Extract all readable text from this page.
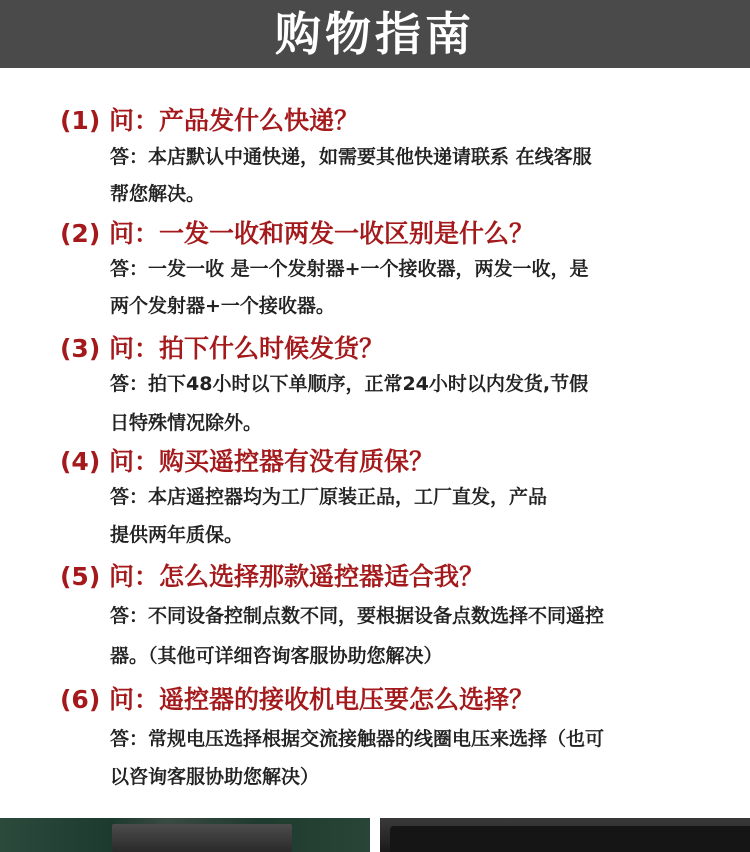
购物指南
(1) 问：产品发什么快递？
答：本店默认中通快递，如需要其他快递请联系 在线客服
帮您解决。
(2) 问：一发一收和两发一收区别是什么？
答：一发一收 是一个发射器+一个接收器，两发一收，是
两个发射器+一个接收器。
(3) 问：拍下什么时候发货？
答：拍下48小时以下单顺序，正常24小时以内发货,节假
日特殊情况除外。
(4) 问：购买遥控器有没有质保？
答：本店遥控器均为工厂原装正品，工厂直发，产品
提供两年质保。
(5) 问：怎么选择那款遥控器适合我？
答：不同设备控制点数不同，要根据设备点数选择不同遥控
器。（其他可详细咨询客服协助您解决）
(6) 问：遥控器的接收机电压要怎么选择？
答：常规电压选择根据交流接触器的线圈电压来选择（也可
以咨询客服协助您解决）
